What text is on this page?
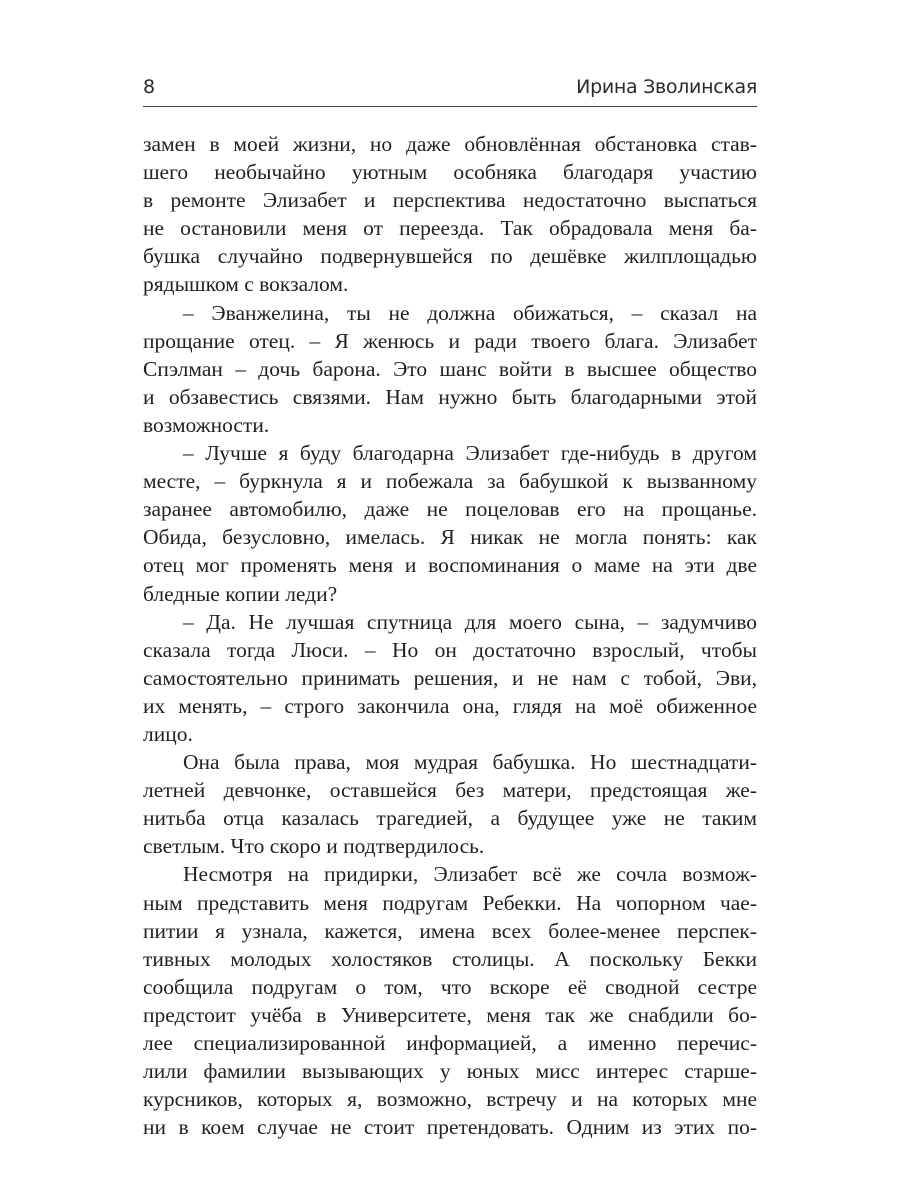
8	Ирина Зволинская
замен в моей жизни, но даже обновлённая обстановка став-
шего необычайно уютным особняка благодаря участию
в ремонте Элизабет и перспектива недостаточно выспаться
не остановили меня от переезда. Так обрадовала меня ба-
бушка случайно подвернувшейся по дешёвке жилплощадью
рядышком с вокзалом.
– Эванжелина, ты не должна обижаться, – сказал на
прощание отец. – Я женюсь и ради твоего блага. Элизабет
Спэлман – дочь барона. Это шанс войти в высшее общество
и обзавестись связями. Нам нужно быть благодарными этой
возможности.
– Лучше я буду благодарна Элизабет где-нибудь в другом
месте, – буркнула я и побежала за бабушкой к вызванному
заранее автомобилю, даже не поцеловав его на прощанье.
Обида, безусловно, имелась. Я никак не могла понять: как
отец мог променять меня и воспоминания о маме на эти две
бледные копии леди?
– Да. Не лучшая спутница для моего сына, – задумчиво
сказала тогда Люси. – Но он достаточно взрослый, чтобы
самостоятельно принимать решения, и не нам с тобой, Эви,
их менять, – строго закончила она, глядя на моё обиженное
лицо.
Она была права, моя мудрая бабушка. Но шестнадцати-
летней девчонке, оставшейся без матери, предстоящая же-
нитьба отца казалась трагедией, а будущее уже не таким
светлым. Что скоро и подтвердилось.
Несмотря на придирки, Элизабет всё же сочла возмож-
ным представить меня подругам Ребекки. На чопорном чае-
питии я узнала, кажется, имена всех более-менее перспек-
тивных молодых холостяков столицы. А поскольку Бекки
сообщила подругам о том, что вскоре её сводной сестре
предстоит учёба в Университете, меня так же снабдили бо-
лее специализированной информацией, а именно перечис-
лили фамилии вызывающих у юных мисс интерес старше-
курсников, которых я, возможно, встречу и на которых мне
ни в коем случае не стоит претендовать. Одним из этих по-
